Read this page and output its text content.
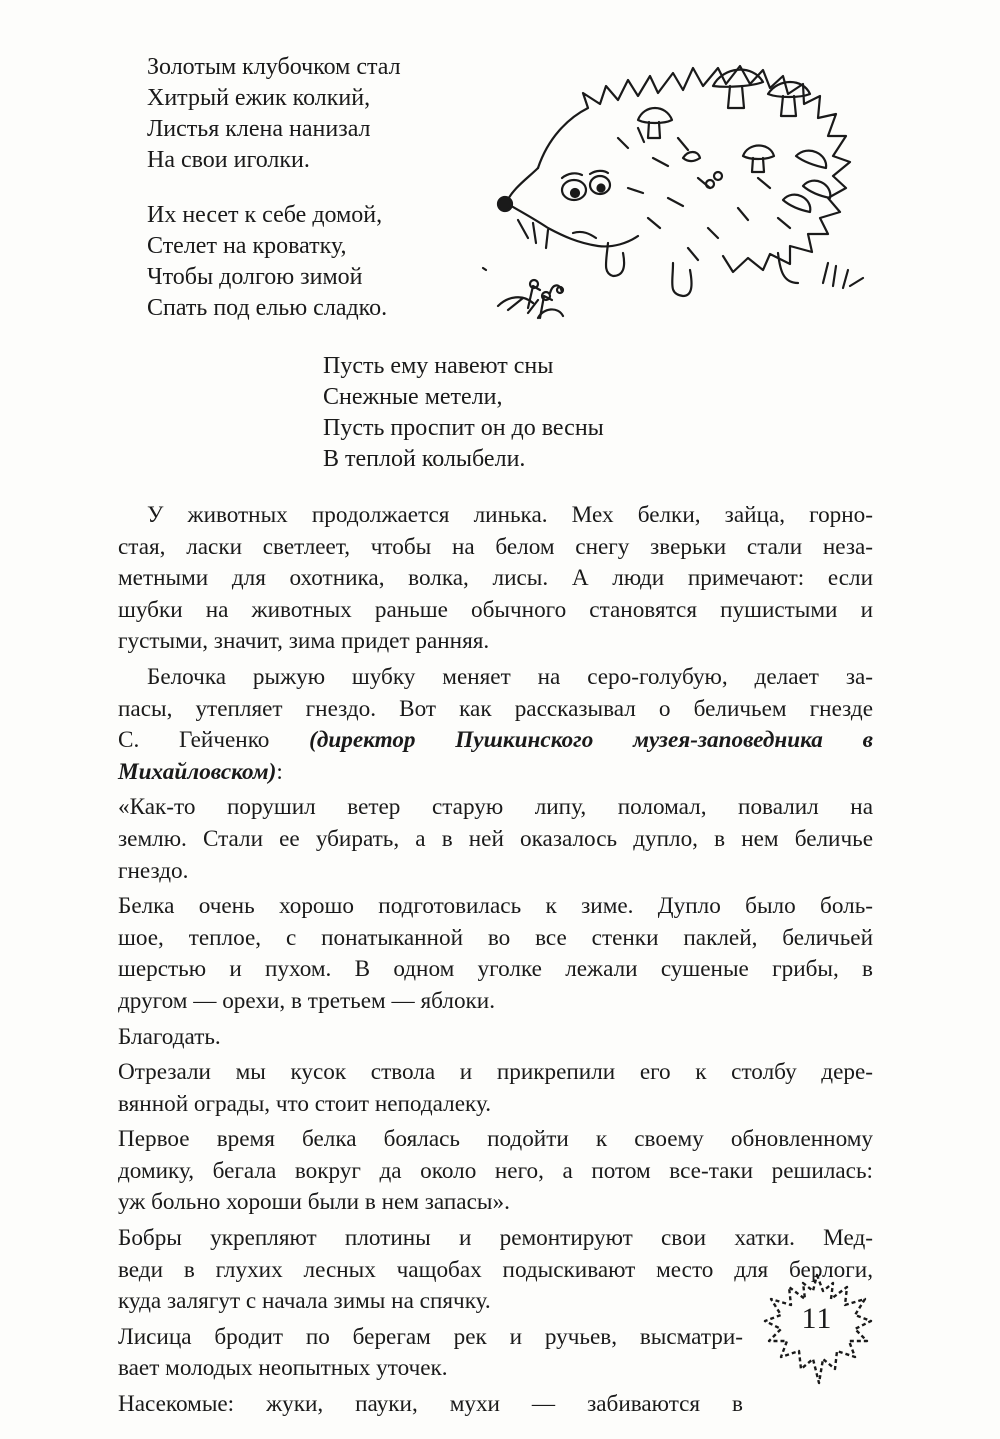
Золотым клубочком стал
Хитрый ежик колкий,
Листья клена нанизал
На свои иголки.
Их несет к себе домой,
Стелет на кроватку,
Чтобы долгою зимой
Спать под елью сладко.
Пусть ему навеют сны
Снежные метели,
Пусть проспит он до весны
В теплой колыбели.

У животных продолжается линька. Мех белки, зайца, горно-
стая, ласки светлеет, чтобы на белом снегу зверьки стали неза-
метными для охотника, волка, лисы. А люди примечают: если
шубки на животных раньше обычного становятся пушистыми и
густыми, значит, зима придет ранняя.

Белочка рыжую шубку меняет на серо-голубую, делает за-
пасы, утепляет гнездо. Вот как рассказывал о беличьем гнезде
С. Гейченко (директор Пушкинского музея-заповедника в
Михайловском):

«Как-то порушил ветер старую липу, поломал, повалил на
землю. Стали ее убирать, а в ней оказалось дупло, в нем беличье
гнездо.

Белка очень хорошо подготовилась к зиме. Дупло было боль-
шое, теплое, с понатыканной во все стенки паклей, беличьей
шерстью и пухом. В одном уголке лежали сушеные грибы, в
другом — орехи, в третьем — яблоки.

Благодать.

Отрезали мы кусок ствола и прикрепили его к столбу дере-
вянной ограды, что стоит неподалеку.

Первое время белка боялась подойти к своему обновленному
домику, бегала вокруг да около него, а потом все-таки решилась:
уж больно хороши были в нем запасы».

Бобры укрепляют плотины и ремонтируют свои хатки. Мед-
веди в глухих лесных чащобах подыскивают место для берлоги,
куда залягут с начала зимы на спячку.

Лисица бродит по берегам рек и ручьев, высматри-
вает молодых неопытных уточек.

Насекомые: жуки, пауки, мухи — забиваются в

11
